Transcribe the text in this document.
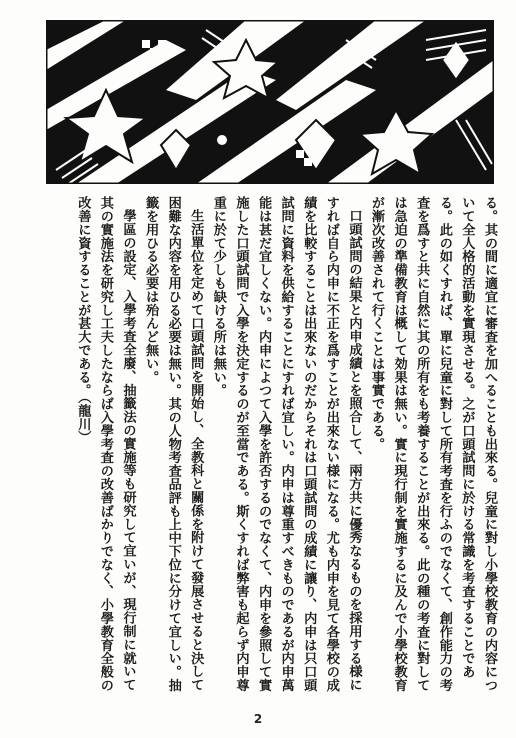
る。其の間に適宜に審査を加へることも出來る。兒童に對し小學校教育の内容について全人格的活動を實現させる。之が口頭試問に於ける常識を考査することである。此の如くすれば、單に兒童に對して所有考査を行ふのでなくて、創作能力の考査を爲すと共に自然に其の所有をも考養することが出來る。此の種の考査に對しては急迫の準備教育は概して効果は無い。實に現行制を實施するに及んで小學校教育が漸次改善されて行くことは事實である。

口頭試問の結果と内申成績とを照合して、兩方共に優秀なるものを採用する様にすれば自ら内申に不正を爲すことが出來ない様になる。尤も内申を見て各學校の成績を比較することは出來ないのだからそれは口頭試問の成績に讓り、内申は只口頭試問に資料を供給することにすれば宜しい。内申は尊重すべきものであるが内申萬能は甚だ宜しくない。内申によつて入學を許否するのでなくて、内申を參照して實施した口頭試問で入學を決定するのが至當である。斯くすれば弊害も起らず内申尊重に於て少しも缺ける所は無い。

生活單位を定めて口頭試問を開始し、全教科と關係を附けて發展させると決して困難な内容を用ひる必要は無い。其の人物考査品評も上中下位に分けて宜しい。抽籤を用ひる必要は殆んど無い。

學區の設定、入學考査全廢、抽籤法の實施等も研究して宜いが、現行制に就いて其の實施法を研究し工夫したならば入學考査の改善ばかりでなく、小學教育全般の改善に資することが甚大である。（龍川）

2
